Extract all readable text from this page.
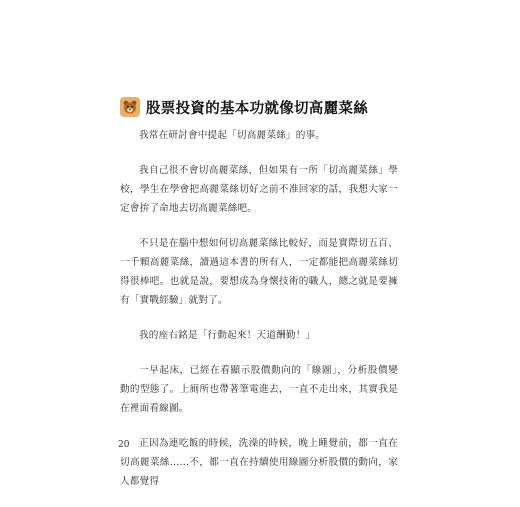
股票投資的基本功就像切高麗菜絲

我常在研討會中提起「切高麗菜絲」的事。

我自己很不會切高麗菜絲，但如果有一所「切高麗菜絲」學校，學生在學會把高麗菜絲切好之前不准回家的話，我想大家一定會拚了命地去切高麗菜絲吧。

不只是在腦中想如何切高麗菜絲比較好，而是實際切五百、一千顆高麗菜絲，讀過這本書的所有人，一定都能把高麗菜絲切得很棒吧。也就是說，要想成為身懷技術的職人，總之就是要擁有「實戰經驗」就對了。

我的座右銘是「行動起來！天道酬勤！」

一早起床，已經在看顯示股價動向的「線圖」，分析股價變動的型態了。上廁所也帶著筆電進去，一直不走出來，其實我是在裡面看線圖。

正因為連吃飯的時候，洗澡的時候，晚上睡覺前，都一直在切高麗菜絲……不，都一直在持續使用線圖分析股價的動向，家人都覺得

20
